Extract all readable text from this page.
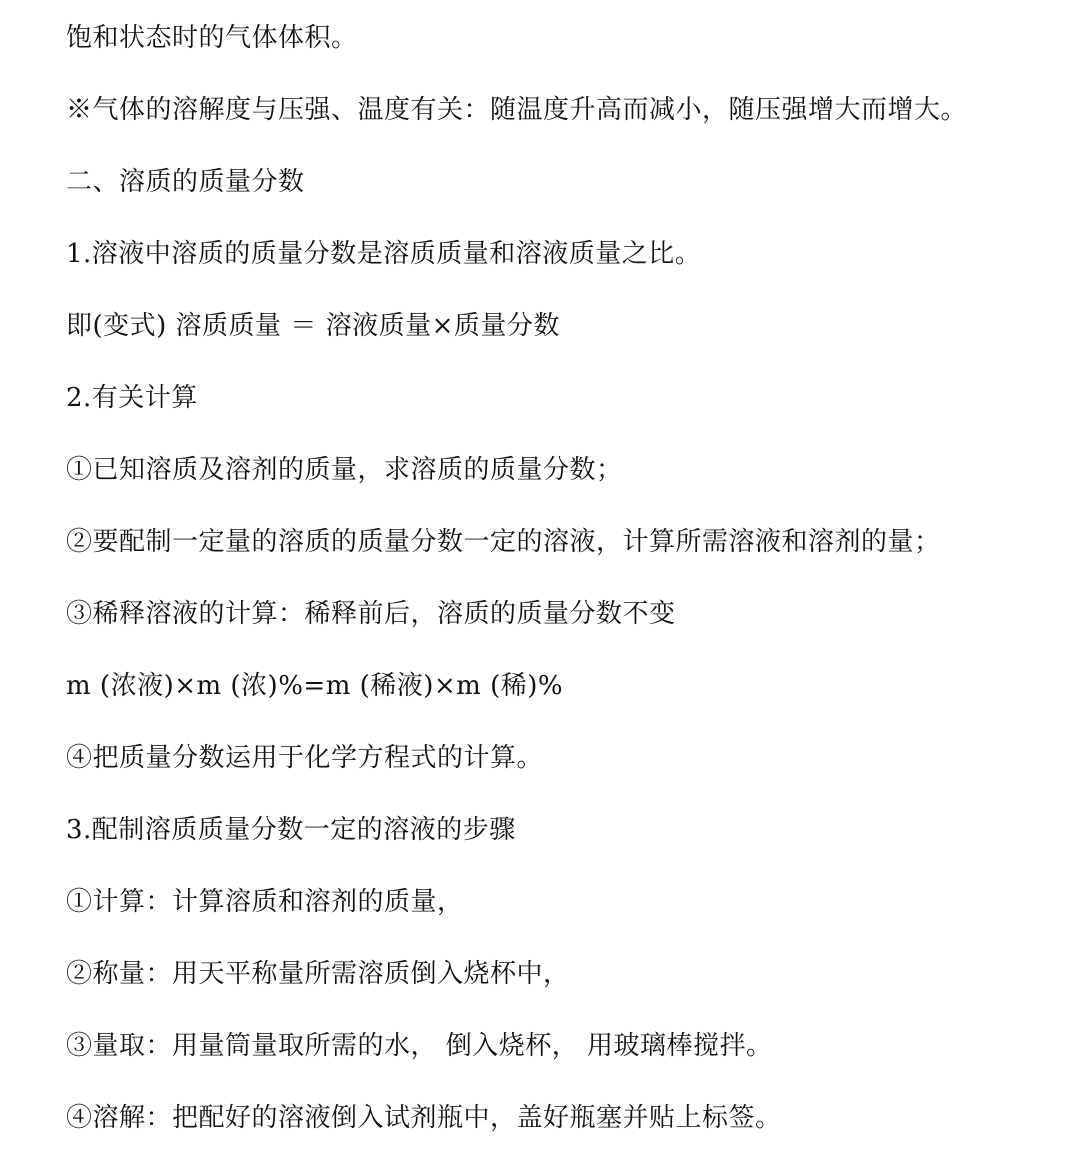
饱和状态时的气体体积。
※气体的溶解度与压强、温度有关：随温度升高而减小，随压强增大而增大。
二、溶质的质量分数
1.溶液中溶质的质量分数是溶质质量和溶液质量之比。
即(变式) 溶质质量 ＝ 溶液质量×质量分数
2.有关计算
①已知溶质及溶剂的质量，求溶质的质量分数；
②要配制一定量的溶质的质量分数一定的溶液，计算所需溶液和溶剂的量；
③稀释溶液的计算：稀释前后，溶质的质量分数不变
m (浓液)×m (浓)%=m (稀液)×m (稀)%
④把质量分数运用于化学方程式的计算。
3.配制溶质质量分数一定的溶液的步骤
①计算：计算溶质和溶剂的质量，
②称量：用天平称量所需溶质倒入烧杯中，
③量取：用量筒量取所需的水， 倒入烧杯， 用玻璃棒搅拌。
④溶解：把配好的溶液倒入试剂瓶中，盖好瓶塞并贴上标签。
